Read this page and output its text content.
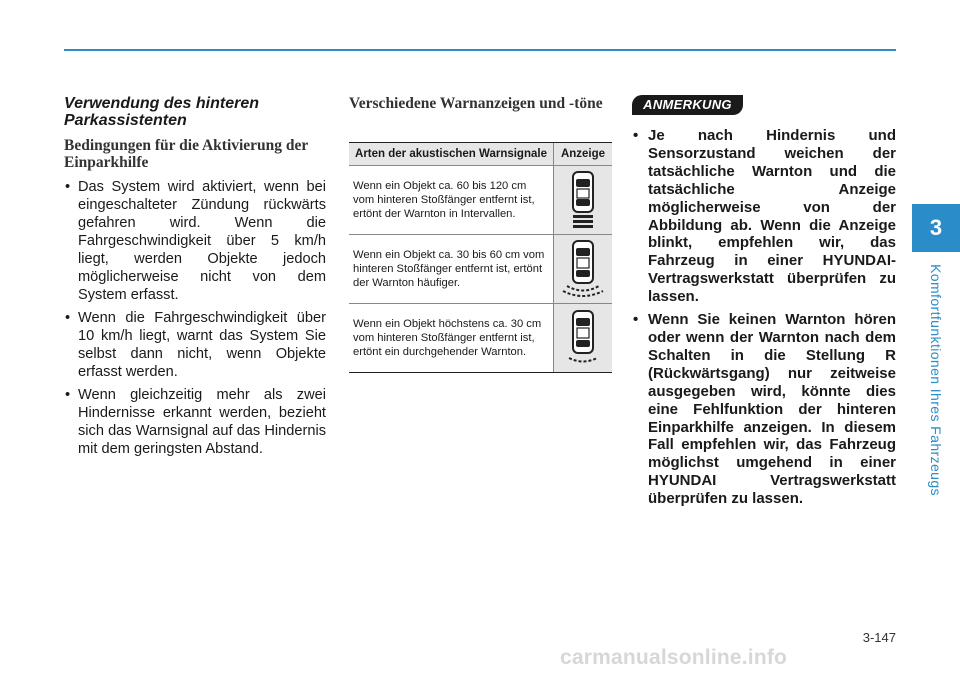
Verwendung des hinteren Parkassistenten
Bedingungen für die Aktivierung der Einparkhilfe
• Das System wird aktiviert, wenn bei eingeschalteter Zündung rückwärts gefahren wird. Wenn die Fahrgeschwindigkeit über 5 km/h liegt, werden Objekte jedoch möglicherweise nicht von dem System erfasst.
• Wenn die Fahrgeschwindigkeit über 10 km/h liegt, warnt das System Sie selbst dann nicht, wenn Objekte erfasst werden.
• Wenn gleichzeitig mehr als zwei Hindernisse erkannt werden, bezieht sich das Warnsignal auf das Hindernis mit dem geringsten Abstand.
Verschiedene Warnanzeigen und -töne
Arten der akustischen Warnsignale	Anzeige
Wenn ein Objekt ca. 60 bis 120 cm vom hinteren Stoßfänger entfernt ist, ertönt der Warnton in Intervallen.	

Wenn ein Objekt ca. 30 bis 60 cm vom hinteren Stoßfänger entfernt ist, ertönt der Warnton häufiger.	

Wenn ein Objekt höchstens ca. 30 cm vom hinteren Stoßfänger entfernt ist, ertönt ein durchgehender Warnton.	
ANMERKUNG
• Je nach Hindernis und Sensorzustand weichen der tatsächliche Warnton und die tatsächliche Anzeige möglicherweise von der Abbildung ab. Wenn die Anzeige blinkt, empfehlen wir, das Fahrzeug in einer HYUNDAI-Vertragswerkstatt überprüfen zu lassen.
• Wenn Sie keinen Warnton hören oder wenn der Warnton nach dem Schalten in die Stellung R (Rückwärtsgang) nur zeitweise ausgegeben wird, könnte dies eine Fehlfunktion der hinteren Einparkhilfe anzeigen. In diesem Fall empfehlen wir, das Fahrzeug möglichst umgehend in einer HYUNDAI Vertragswerkstatt überprüfen zu lassen.
3
Komfortfunktionen Ihres Fahrzeugs
3-147
carmanualsonline.info
